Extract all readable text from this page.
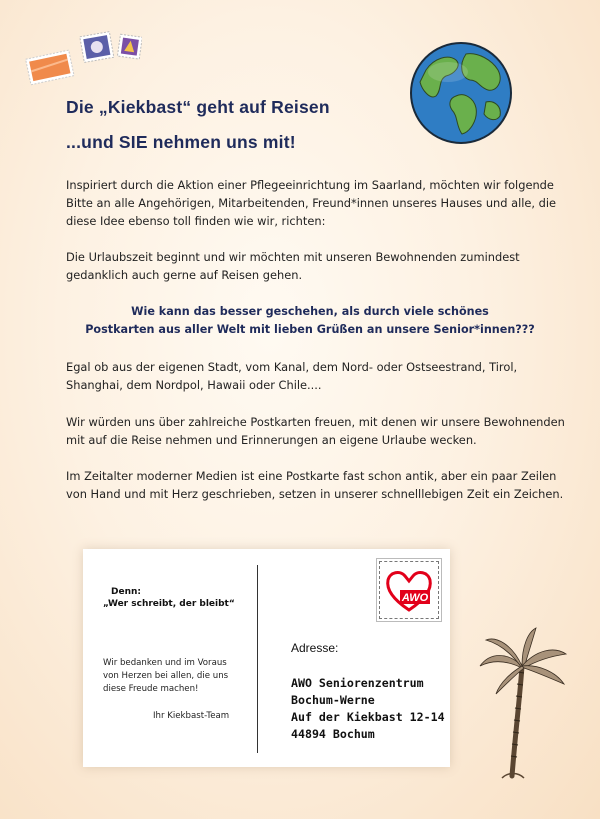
Die „Kiekbast“ geht auf Reisen
...und SIE nehmen uns mit!

Inspiriert durch die Aktion einer Pflegeeinrichtung im Saarland, möchten wir folgende Bitte an alle Angehörigen, Mitarbeitenden, Freund*innen unseres Hauses und alle, die diese Idee ebenso toll finden wie wir, richten:

Die Urlaubszeit beginnt und wir möchten mit unseren Bewohnenden zumindest gedanklich auch gerne auf Reisen gehen.

Wie kann das besser geschehen, als durch viele schönes
Postkarten aus aller Welt mit lieben Grüßen an unsere Senior*innen???

Egal ob aus der eigenen Stadt, vom Kanal, dem Nord- oder Ostseestrand, Tirol, Shanghai, dem Nordpol, Hawaii oder Chile....

Wir würden uns über zahlreiche Postkarten freuen, mit denen wir unsere Bewohnenden mit auf die Reise nehmen und Erinnerungen an eigene Urlaube wecken.

Im Zeitalter moderner Medien ist eine Postkarte fast schon antik, aber ein paar Zeilen von Hand und mit Herz geschrieben, setzen in unserer schnelllebigen Zeit ein Zeichen.

Denn:
„Wer schreibt, der bleibt“

Wir bedanken und im Voraus von Herzen bei allen, die uns diese Freude machen!

Ihr Kiekbast-Team
AWO
Adresse:
AWO Seniorenzentrum
Bochum-Werne
Auf der Kiekbast 12-14
44894 Bochum
